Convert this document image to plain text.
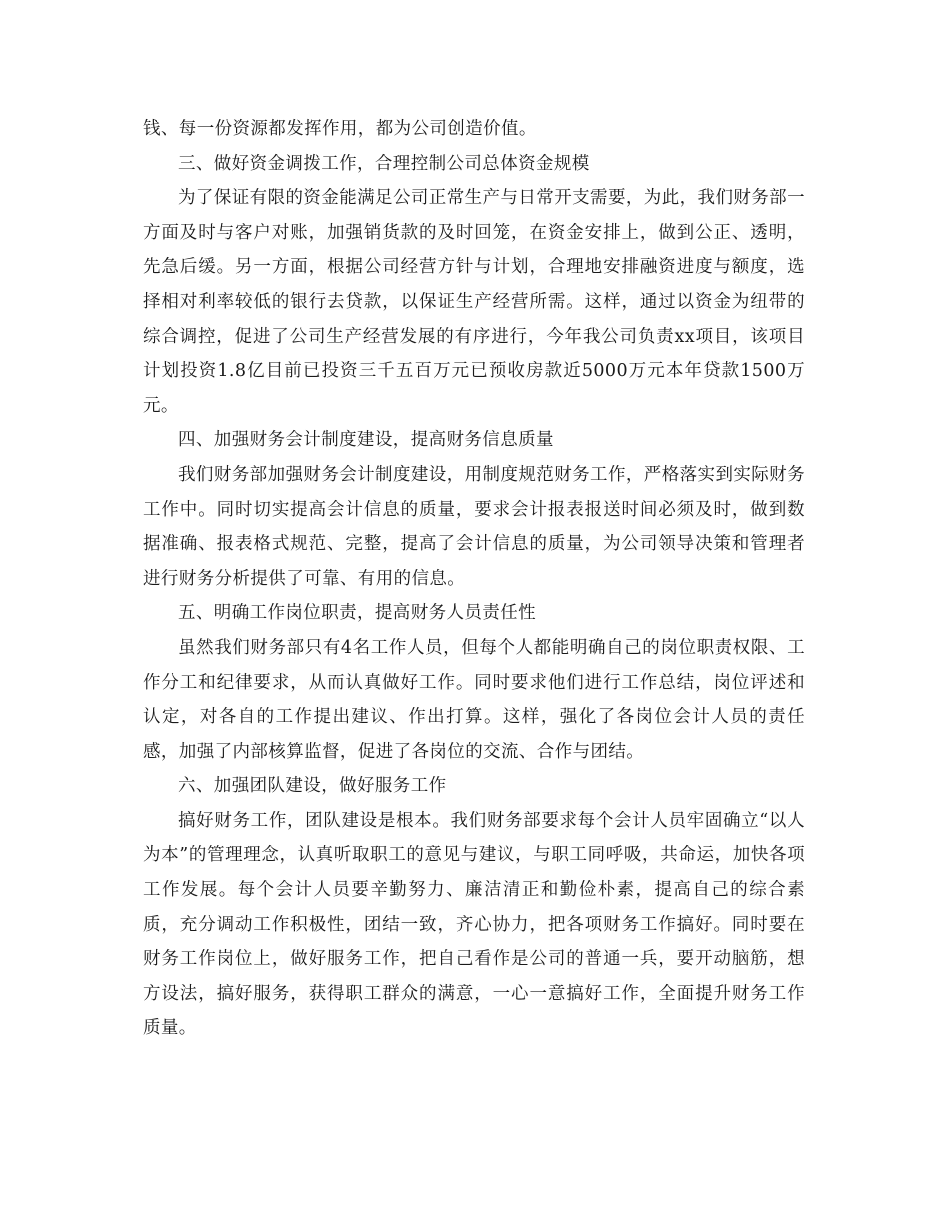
钱、每一份资源都发挥作用，都为公司创造价值。

三、做好资金调拨工作，合理控制公司总体资金规模

为了保证有限的资金能满足公司正常生产与日常开支需要，为此，我们财务部一方面及时与客户对账，加强销货款的及时回笼，在资金安排上，做到公正、透明，先急后缓。另一方面，根据公司经营方针与计划，合理地安排融资进度与额度，选择相对利率较低的银行去贷款，以保证生产经营所需。这样，通过以资金为纽带的综合调控，促进了公司生产经营发展的有序进行，今年我公司负责xx项目，该项目计划投资1.8亿目前已投资三千五百万元已预收房款近5000万元本年贷款1500万元。

四、加强财务会计制度建设，提高财务信息质量

我们财务部加强财务会计制度建设，用制度规范财务工作，严格落实到实际财务工作中。同时切实提高会计信息的质量，要求会计报表报送时间必须及时，做到数据准确、报表格式规范、完整，提高了会计信息的质量，为公司领导决策和管理者进行财务分析提供了可靠、有用的信息。

五、明确工作岗位职责，提高财务人员责任性

虽然我们财务部只有4名工作人员，但每个人都能明确自己的岗位职责权限、工作分工和纪律要求，从而认真做好工作。同时要求他们进行工作总结，岗位评述和认定，对各自的工作提出建议、作出打算。这样，强化了各岗位会计人员的责任感，加强了内部核算监督，促进了各岗位的交流、合作与团结。

六、加强团队建设，做好服务工作

搞好财务工作，团队建设是根本。我们财务部要求每个会计人员牢固确立“以人为本”的管理理念，认真听取职工的意见与建议，与职工同呼吸，共命运，加快各项工作发展。每个会计人员要辛勤努力、廉洁清正和勤俭朴素，提高自己的综合素质，充分调动工作积极性，团结一致，齐心协力，把各项财务工作搞好。同时要在财务工作岗位上，做好服务工作，把自己看作是公司的普通一兵，要开动脑筋，想方设法，搞好服务，获得职工群众的满意，一心一意搞好工作，全面提升财务工作质量。
